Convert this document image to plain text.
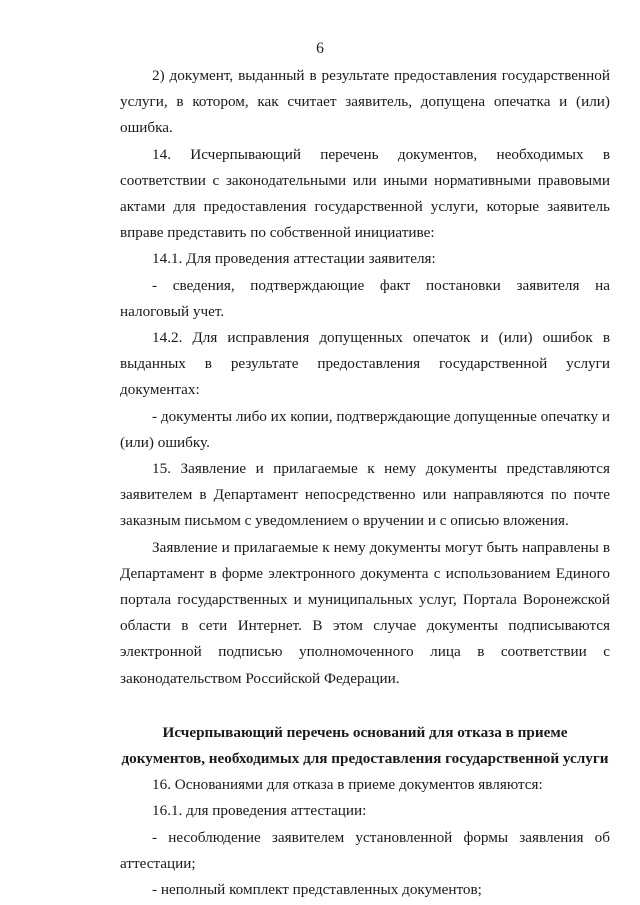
6

2) документ, выданный в результате предоставления государственной услуги, в котором, как считает заявитель, допущена опечатка и (или) ошибка.

14. Исчерпывающий перечень документов, необходимых в соответствии с законодательными или иными нормативными правовыми актами для предоставления государственной услуги, которые заявитель вправе представить по собственной инициативе:

14.1. Для проведения аттестации заявителя:

- сведения, подтверждающие факт постановки заявителя на налоговый учет.

14.2. Для исправления допущенных опечаток и (или) ошибок в выданных в результате предоставления государственной услуги документах:

- документы либо их копии, подтверждающие допущенные опечатку и (или) ошибку.

15. Заявление и прилагаемые к нему документы представляются заявителем в Департамент непосредственно или направляются по почте заказным письмом с уведомлением о вручении и с описью вложения.

Заявление и прилагаемые к нему документы могут быть направлены в Департамент в форме электронного документа с использованием Единого портала государственных и муниципальных услуг, Портала Воронежской области в сети Интернет. В этом случае документы подписываются электронной подписью уполномоченного лица в соответствии с законодательством Российской Федерации.

Исчерпывающий перечень оснований для отказа в приеме документов, необходимых для предоставления государственной услуги

16. Основаниями для отказа в приеме документов являются:

16.1. для проведения аттестации:

- несоблюдение заявителем установленной формы заявления об аттестации;

- неполный комплект представленных документов;
